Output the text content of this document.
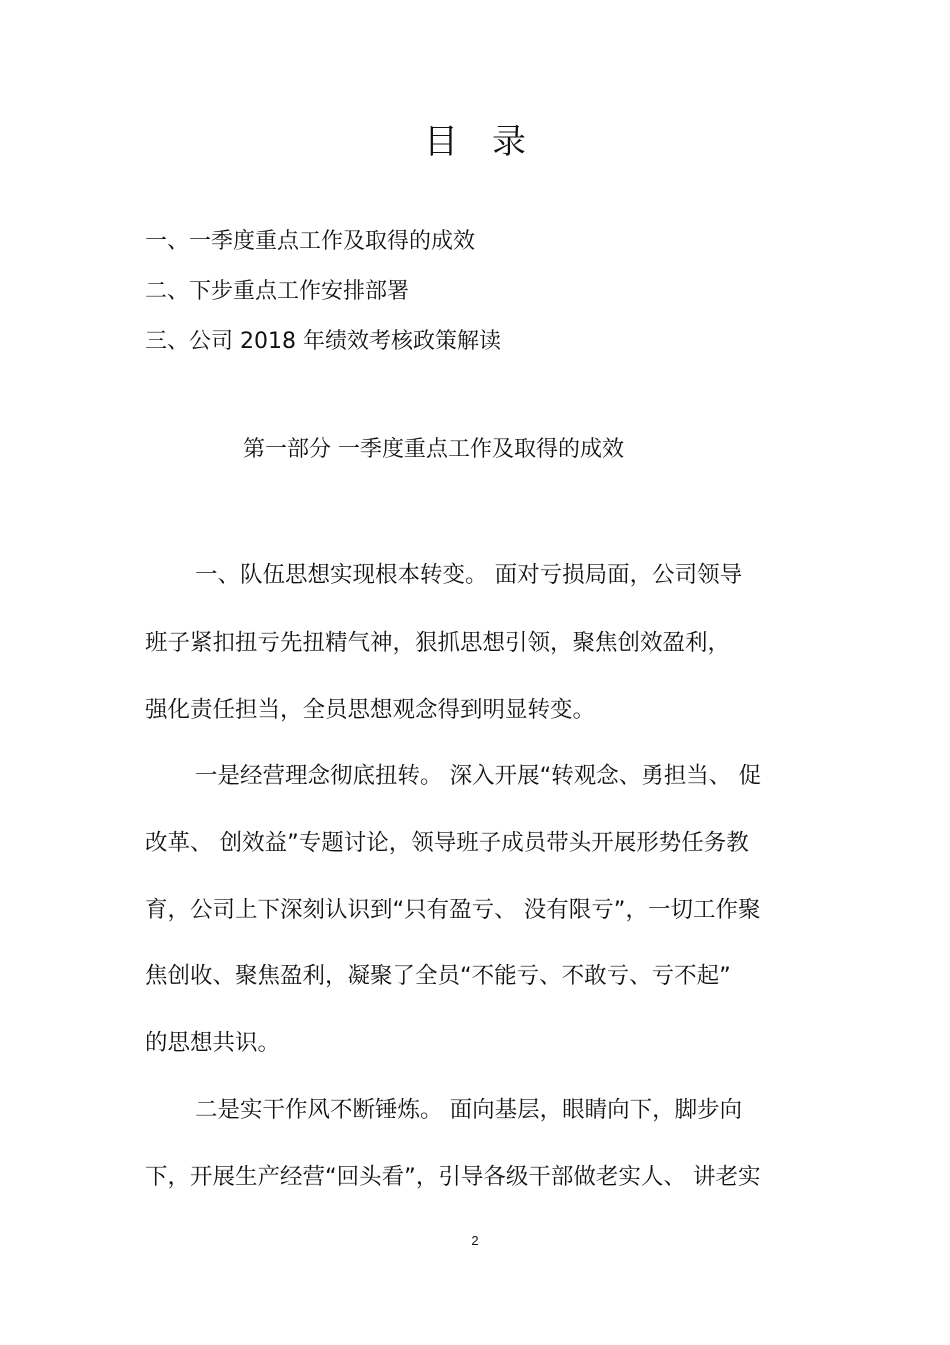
目　录
一、一季度重点工作及取得的成效
二、下步重点工作安排部署
三、公司 2018 年绩效考核政策解读
第一部分 一季度重点工作及取得的成效
一、队伍思想实现根本转变。 面对亏损局面，公司领导
班子紧扣扭亏先扭精气神，狠抓思想引领，聚焦创效盈利，
强化责任担当，全员思想观念得到明显转变。
一是经营理念彻底扭转。 深入开展“转观念、勇担当、 促
改革、 创效益”专题讨论，领导班子成员带头开展形势任务教
育，公司上下深刻认识到“只有盈亏、 没有限亏”，一切工作聚
焦创收、聚焦盈利，凝聚了全员“不能亏、不敢亏、亏不起”
的思想共识。
二是实干作风不断锤炼。 面向基层，眼睛向下，脚步向
下，开展生产经营“回头看”，引导各级干部做老实人、 讲老实
2
